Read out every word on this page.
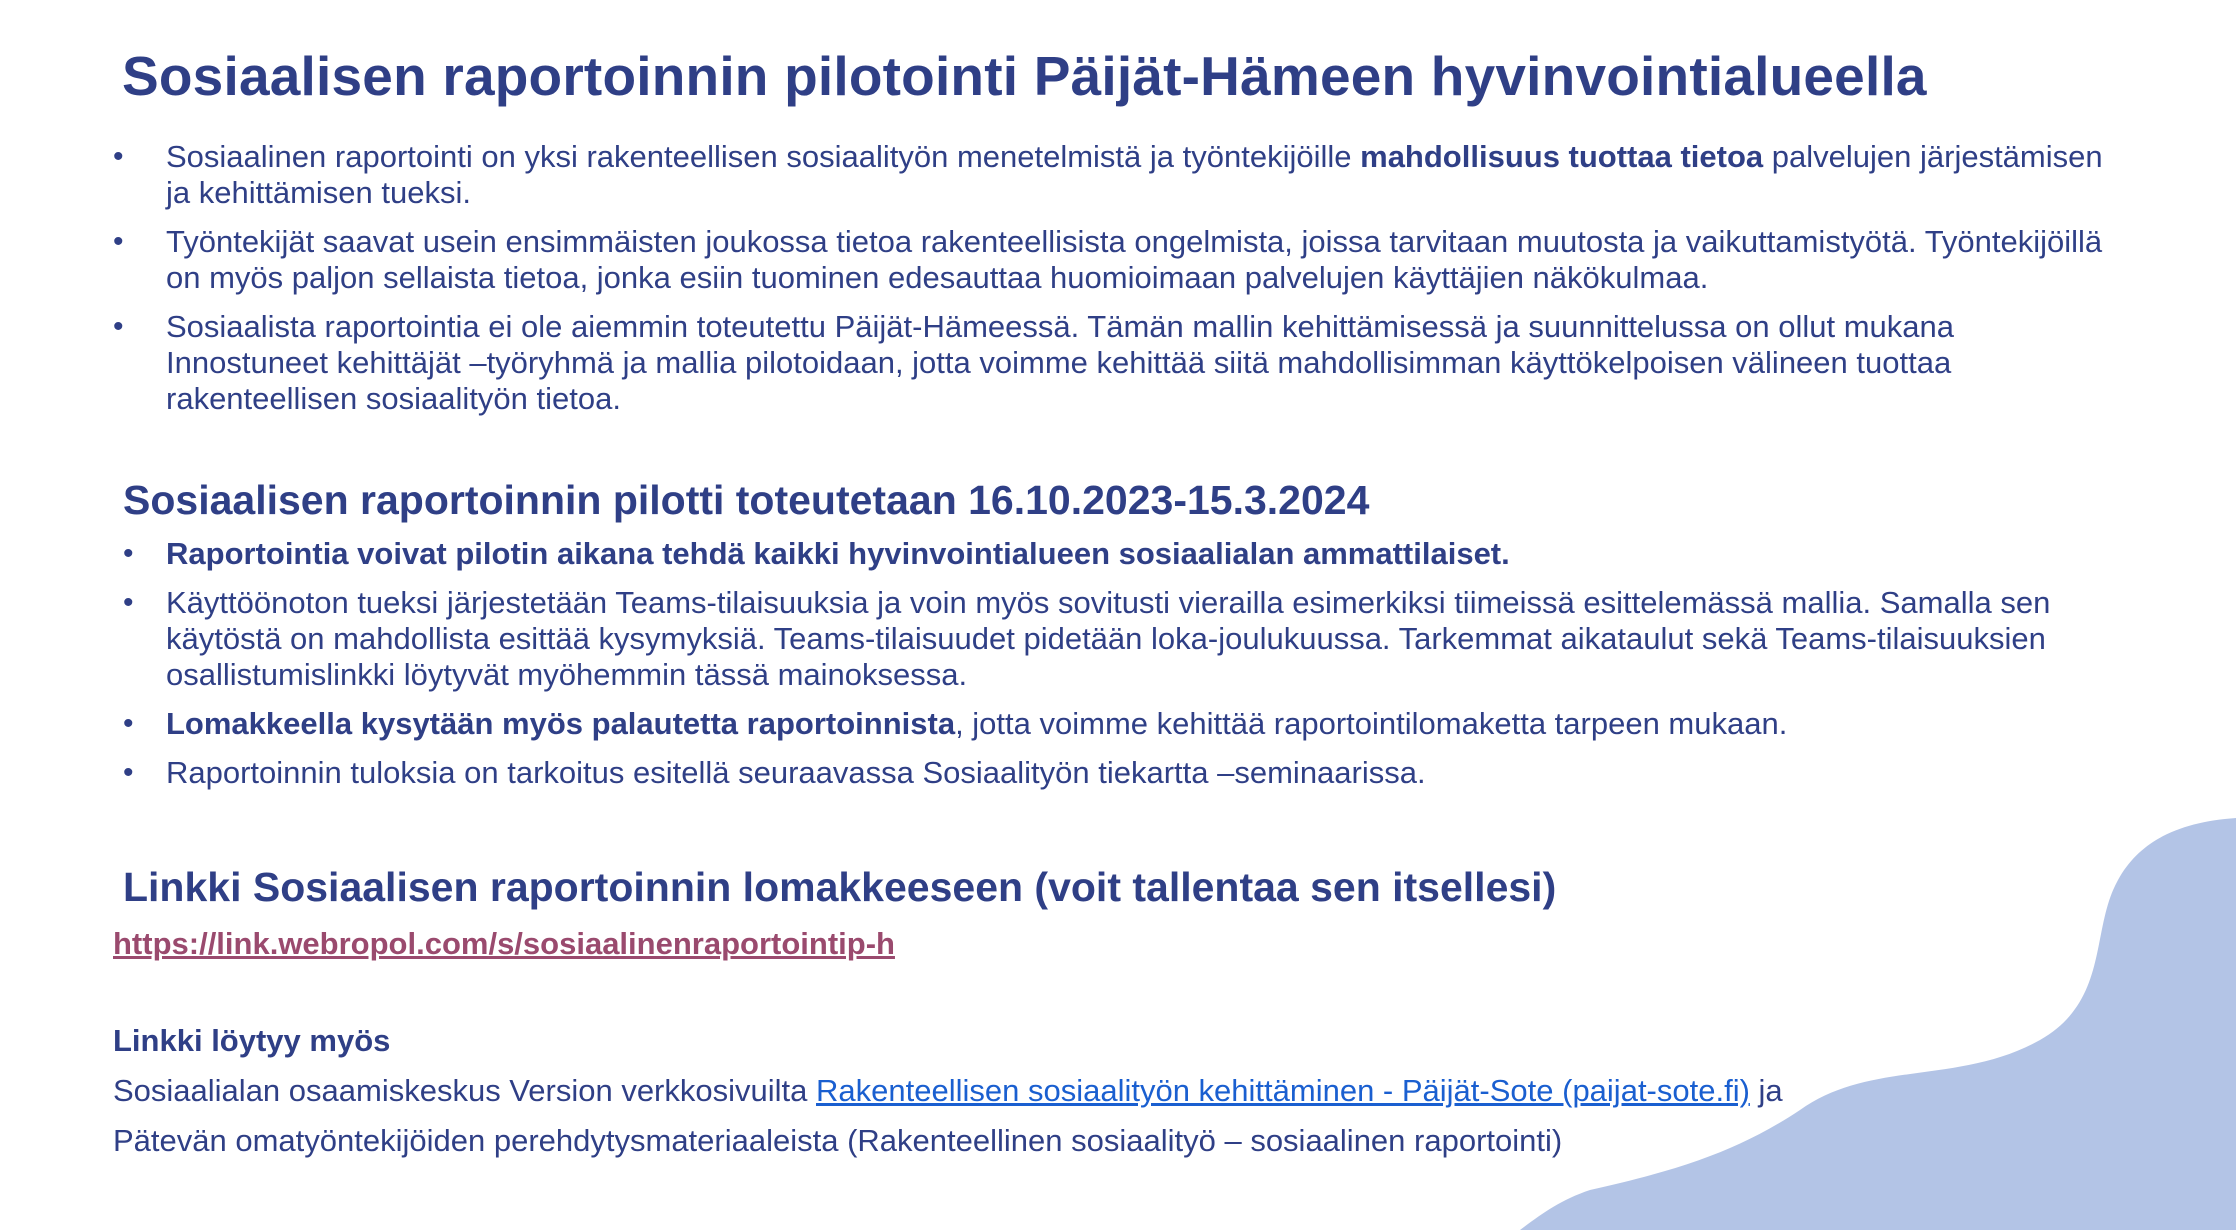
Sosiaalisen raportoinnin pilotointi Päijät-Hämeen hyvinvointialueella
•	Sosiaalinen raportointi on yksi rakenteellisen sosiaalityön menetelmistä ja työntekijöille mahdollisuus tuottaa tietoa palvelujen järjestämisen ja kehittämisen tueksi.
•	Työntekijät saavat usein ensimmäisten joukossa tietoa rakenteellisista ongelmista, joissa tarvitaan muutosta ja vaikuttamistyötä. Työntekijöillä on myös paljon sellaista tietoa, jonka esiin tuominen edesauttaa huomioimaan palvelujen käyttäjien näkökulmaa.
•	Sosiaalista raportointia ei ole aiemmin toteutettu Päijät-Hämeessä. Tämän mallin kehittämisessä ja suunnittelussa on ollut mukana Innostuneet kehittäjät –työryhmä ja mallia pilotoidaan, jotta voimme kehittää siitä mahdollisimman käyttökelpoisen välineen tuottaa rakenteellisen sosiaalityön tietoa.
Sosiaalisen raportoinnin pilotti toteutetaan 16.10.2023-15.3.2024
•	Raportointia voivat pilotin aikana tehdä kaikki hyvinvointialueen sosiaalialan ammattilaiset.
•	Käyttöönoton tueksi järjestetään Teams-tilaisuuksia ja voin myös sovitusti vierailla esimerkiksi tiimeissä esittelemässä mallia. Samalla sen käytöstä on mahdollista esittää kysymyksiä. Teams-tilaisuudet pidetään loka-joulukuussa. Tarkemmat aikataulut sekä Teams-tilaisuuksien osallistumislinkki löytyvät myöhemmin tässä mainoksessa.
•	Lomakkeella kysytään myös palautetta raportoinnista, jotta voimme kehittää raportointilomaketta tarpeen mukaan.
•	Raportoinnin tuloksia on tarkoitus esitellä seuraavassa Sosiaalityön tiekartta –seminaarissa.
Linkki Sosiaalisen raportoinnin lomakkeeseen (voit tallentaa sen itsellesi)
https://link.webropol.com/s/sosiaalinenraportointip-h
Linkki löytyy myös
Sosiaalialan osaamiskeskus Version verkkosivuilta Rakenteellisen sosiaalityön kehittäminen - Päijät-Sote (paijat-sote.fi) ja
Pätevän omatyöntekijöiden perehdytysmateriaaleista (Rakenteellinen sosiaalityö – sosiaalinen raportointi)
